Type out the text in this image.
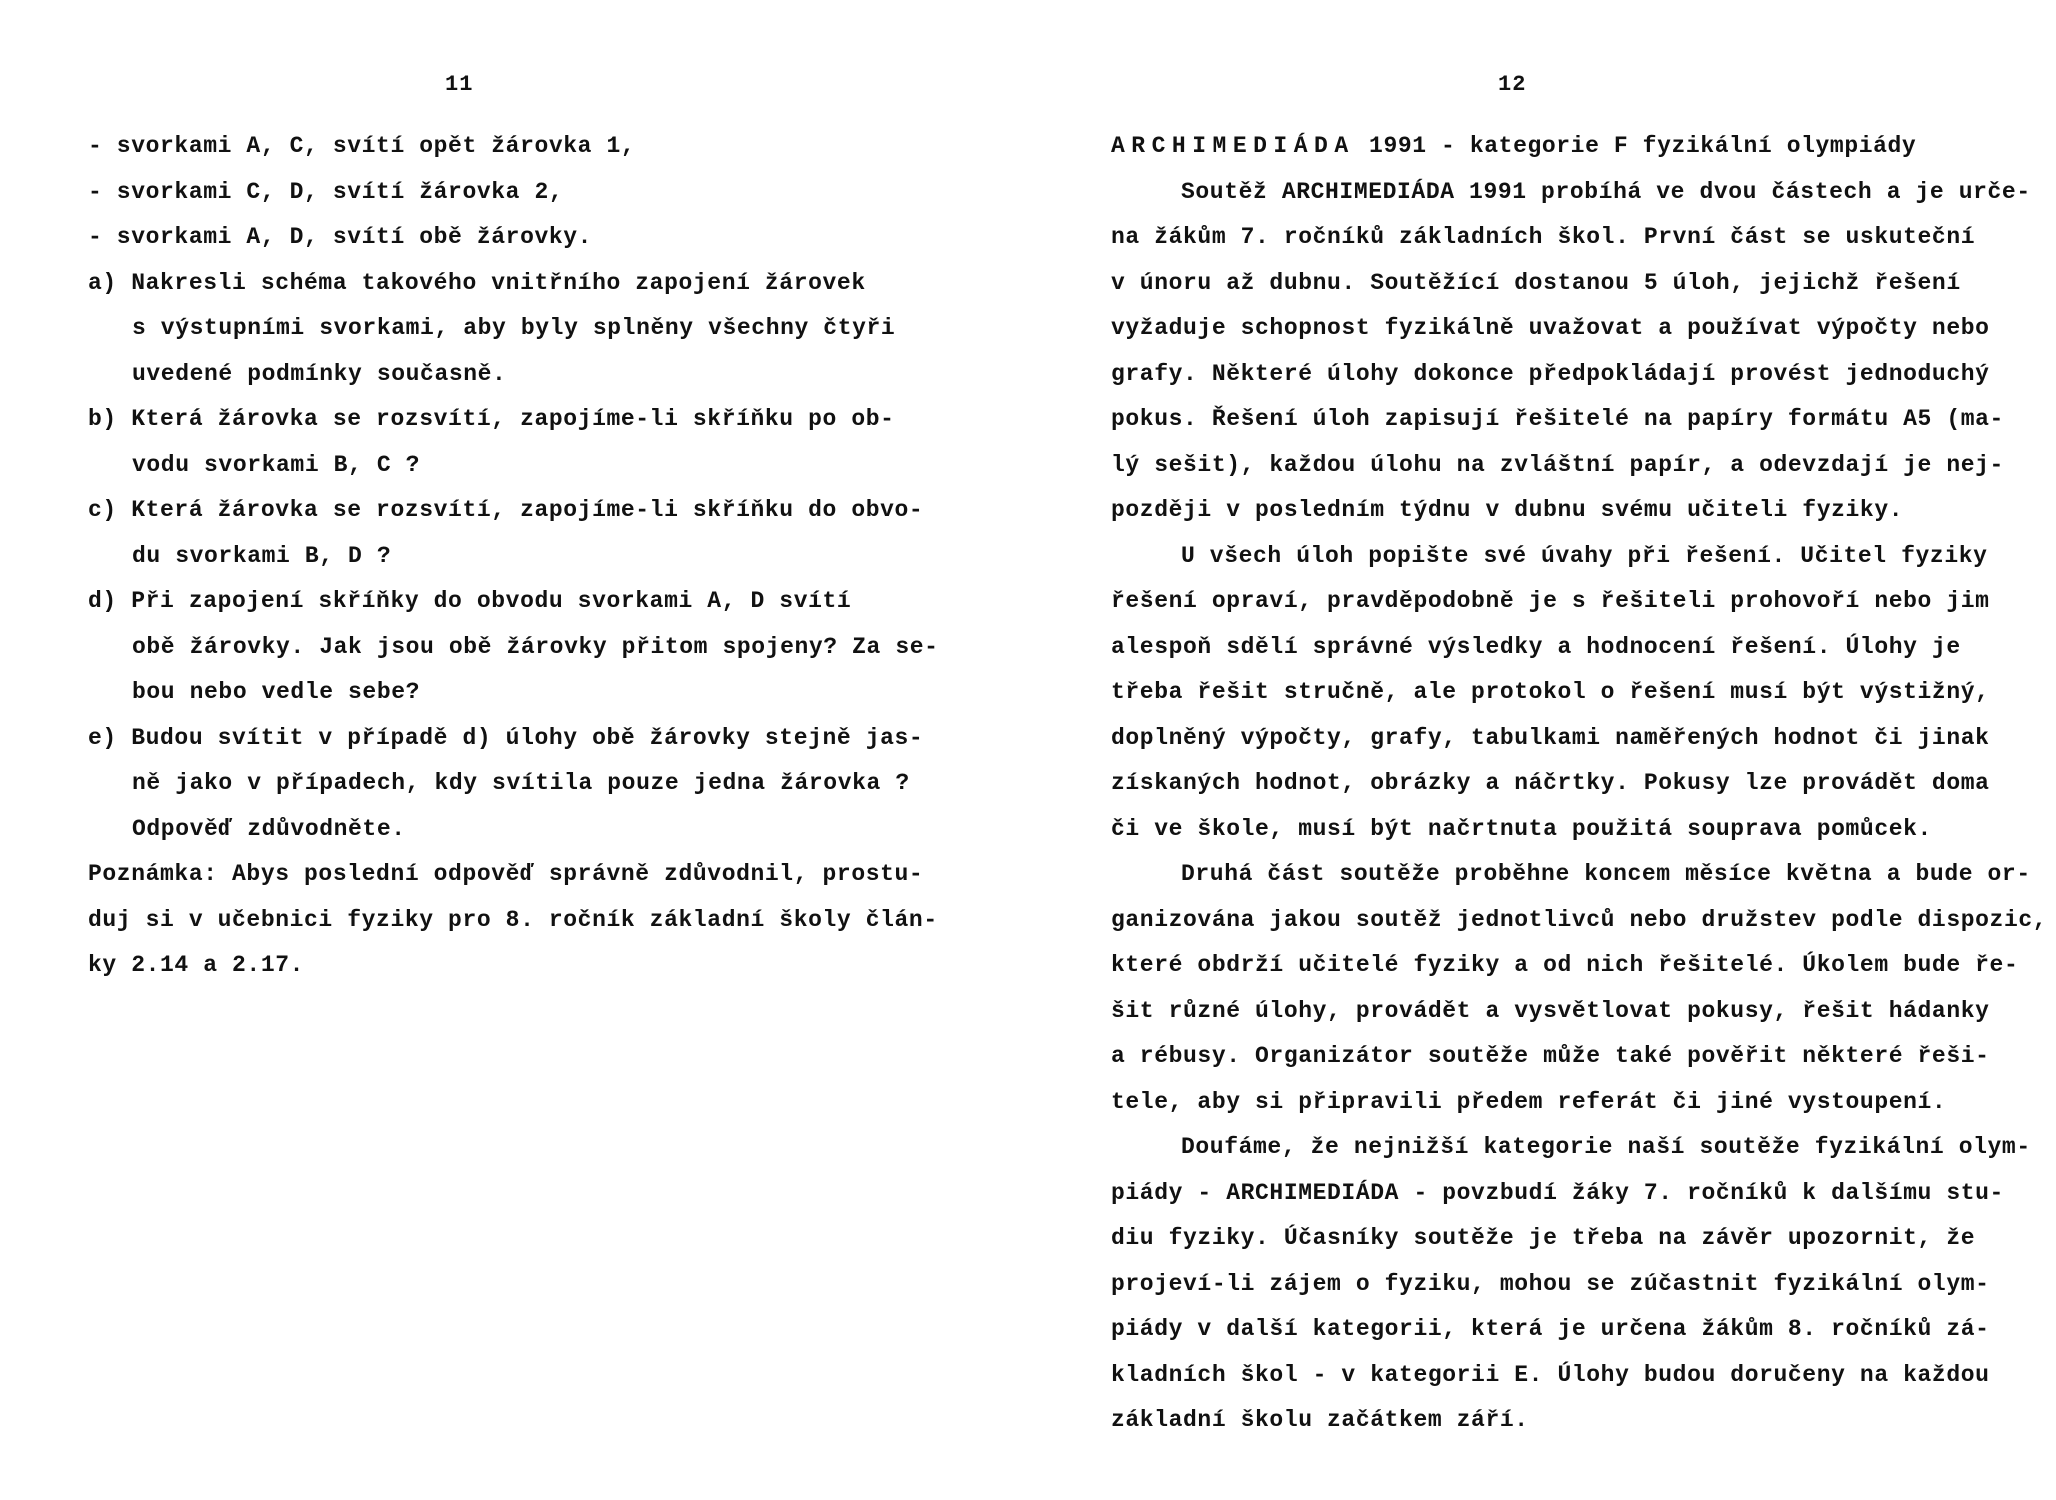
11
- svorkami A, C, svítí opět žárovka 1,
- svorkami C, D, svítí žárovka 2,
- svorkami A, D, svítí obě žárovky.
a) Nakresli schéma takového vnitřního zapojení žárovek
s výstupními svorkami, aby byly splněny všechny čtyři
uvedené podmínky současně.
b) Která žárovka se rozsvítí, zapojíme-li skříňku po ob-
vodu svorkami B, C ?
c) Která žárovka se rozsvítí, zapojíme-li skříňku do obvo-
du svorkami B, D ?
d) Při zapojení skříňky do obvodu svorkami A, D svítí
obě žárovky. Jak jsou obě žárovky přitom spojeny? Za se-
bou nebo vedle sebe?
e) Budou svítit v případě d) úlohy obě žárovky stejně jas-
ně jako v případech, kdy svítila pouze jedna žárovka ?
Odpověď zdůvodněte.
Poznámka: Abys poslední odpověď správně zdůvodnil, prostu-
duj si v učebnici fyziky pro 8. ročník základní školy člán-
ky 2.14 a 2.17.
12
ARCHIMEDIÁDA 1991 - kategorie F fyzikální olympiády
Soutěž ARCHIMEDIÁDA 1991 probíhá ve dvou částech a je urče-
na žákům 7. ročníků základních škol. První část se uskuteční
v únoru až dubnu. Soutěžící dostanou 5 úloh, jejichž řešení
vyžaduje schopnost fyzikálně uvažovat a používat výpočty nebo
grafy. Některé úlohy dokonce předpokládají provést jednoduchý
pokus. Řešení úloh zapisují řešitelé na papíry formátu A5 (ma-
lý sešit), každou úlohu na zvláštní papír, a odevzdají je nej-
později v posledním týdnu v dubnu svému učiteli fyziky.
U všech úloh popište své úvahy při řešení. Učitel fyziky
řešení opraví, pravděpodobně je s řešiteli prohovoří nebo jim
alespoň sdělí správné výsledky a hodnocení řešení. Úlohy je
třeba řešit stručně, ale protokol o řešení musí být výstižný,
doplněný výpočty, grafy, tabulkami naměřených hodnot či jinak
získaných hodnot, obrázky a náčrtky. Pokusy lze provádět doma
či ve škole, musí být načrtnuta použitá souprava pomůcek.
Druhá část soutěže proběhne koncem měsíce května a bude or-
ganizována jakou soutěž jednotlivců nebo družstev podle dispozic,
které obdrží učitelé fyziky a od nich řešitelé. Úkolem bude ře-
šit různé úlohy, provádět a vysvětlovat pokusy, řešit hádanky
a rébusy. Organizátor soutěže může také pověřit některé řeši-
tele, aby si připravili předem referát či jiné vystoupení.
Doufáme, že nejnižší kategorie naší soutěže fyzikální olym-
piády - ARCHIMEDIÁDA - povzbudí žáky 7. ročníků k dalšímu stu-
diu fyziky. Účasníky soutěže je třeba na závěr upozornit, že
projeví-li zájem o fyziku, mohou se zúčastnit fyzikální olym-
piády v další kategorii, která je určena žákům 8. ročníků zá-
kladních škol - v kategorii E. Úlohy budou doručeny na každou
základní školu začátkem září.
